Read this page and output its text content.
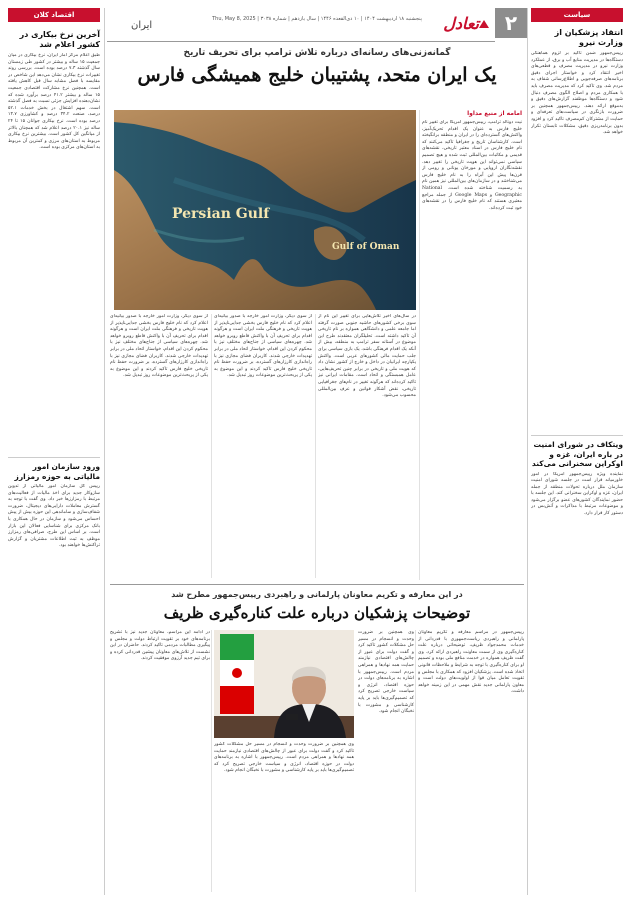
۲
تعادل
ایران
پنجشنبه ۱۸ اردیبهشت ۱۴۰۴ | ۱۰ ذی‌القعده ۱۴۴۶ | سال یازدهم | شماره ۳۰۳۸ | Thu, May 8, 2025	سیاست
انتقاد پزشکیان از وزارت نیرو
رییس‌جمهور ضمن تاکید بر لزوم هماهنگی دستگاه‌ها در مدیریت منابع آب و برق، از عملکرد وزارت نیرو در مدیریت مصرف و قطعی‌های اخیر انتقاد کرد و خواستار اجرای دقیق برنامه‌های صرفه‌جویی و اطلاع‌رسانی شفاف به مردم شد. وی تاکید کرد که مدیریت مصرف باید با همکاری مردم و اصلاح الگوی مصرف دنبال شود و دستگاه‌ها موظفند گزارش‌های دقیق و به‌موقع ارائه دهند. رییس‌جمهور همچنین بر ضرورت بازنگری در سیاست‌های تعرفه‌ای و حمایت از مشترکان کم‌مصرف تاکید کرد و افزود بدون برنامه‌ریزی دقیق، مشکلات تابستان تکرار خواهد شد.
ویتکاف در شورای امنیت در باره ایران، غزه و اوکراین سخنرانی می‌کند
نماینده ویژه رییس‌جمهور امریکا در امور خاورمیانه قرار است در جلسه شورای امنیت سازمان ملل درباره تحولات منطقه از جمله ایران، غزه و اوکراین سخنرانی کند. این جلسه با حضور نمایندگان کشورهای عضو برگزار می‌شود و موضوعات مرتبط با مذاکرات و آتش‌بس در دستور کار قرار دارد.
اقتصاد کلان
آخرین نرخ بیکاری در کشور اعلام شد
طبق اعلام مرکز آمار ایران، نرخ بیکاری در میان جمعیت ۱۵ ساله و بیشتر در کشور طی زمستان سال گذشته ۷.۳ درصد بوده است. بررسی روند تغییرات نرخ بیکاری نشان می‌دهد این شاخص در مقایسه با فصل مشابه سال قبل کاهش یافته است. همچنین نرخ مشارکت اقتصادی جمعیت ۱۵ ساله و بیشتر ۴۱.۲ درصد برآورد شده که نشان‌دهنده افزایش جزئی نسبت به فصل گذشته است. سهم اشتغال در بخش خدمات ۵۲.۱ درصد، صنعت ۳۴.۲ درصد و کشاورزی ۱۳.۷ درصد بوده است. نرخ بیکاری جوانان ۱۵ تا ۲۴ ساله نیز ۲۰.۱ درصد اعلام شد که همچنان بالاتر از میانگین کل کشور است. بیشترین نرخ بیکاری مربوط به استان‌های مرزی و کمترین آن مربوط به استان‌های مرکزی بوده است.
ورود سازمان امور مالیاتی به حوزه رمزارز
رییس کل سازمان امور مالیاتی از تدوین سازوکار جدید برای اخذ مالیات از فعالیت‌های مرتبط با رمزارزها خبر داد. وی گفت با توجه به گسترش معاملات دارایی‌های دیجیتال، ضرورت شفاف‌سازی و ساماندهی این حوزه بیش از پیش احساس می‌شود و سازمان در حال همکاری با بانک مرکزی برای شناسایی فعالان این بازار است. بر اساس این طرح، صرافی‌های رمزارز موظف به ثبت اطلاعات مشتریان و گزارش تراکنش‌ها خواهند بود.
گمانه‌زنی‌های رسانه‌ای درباره تلاش ترامپ برای تحریف تاریخ
یک ایران متحد، پشتیبان خلیج همیشگی فارس
Persian Gulf
Gulf of Oman
امامه از منبع مداوا
نیت دونالد ترامپ، رییس‌جمهور امریکا برای تغییر نام خلیج فارس به عنوان یک اقدام تحریک‌آمیز، واکنش‌های گسترده‌ای را در ایران و منطقه برانگیخته است. کارشناسان تاریخ و جغرافیا تاکید می‌کنند که نام خلیج فارس در اسناد معتبر تاریخی، نقشه‌های قدیمی و مکاتبات بین‌المللی ثبت شده و هیچ تصمیم سیاسی نمی‌تواند این هویت تاریخی را تغییر دهد. نقشه‌نگاران اروپایی و مورخان یونانی و رومی از قرن‌ها پیش این آبراه را به نام خلیج فارس می‌شناختند و در سازمان‌های بین‌المللی نیز همین نام به رسمیت شناخته شده است. National Geographic و Google Maps از جمله مراجع معتبری هستند که نام خلیج فارس را در نقشه‌های خود ثبت کرده‌اند.
در سال‌های اخیر تلاش‌هایی برای تغییر این نام از سوی برخی کشورهای حاشیه جنوبی صورت گرفته اما جامعه علمی و دانشگاهی همواره بر نام تاریخی آن تاکید داشته است. تحلیلگران معتقدند طرح این موضوع در آستانه سفر ترامپ به منطقه، بیش از آنکه یک اقدام فرهنگی باشد، یک بازی سیاسی برای جلب حمایت مالی کشورهای عربی است. واکنش یکپارچه ایرانیان در داخل و خارج از کشور نشان داد که هویت ملی و تاریخی در برابر چنین تحریف‌هایی، عامل همبستگی و اتحاد است. مقامات ایرانی نیز تاکید کرده‌اند که هرگونه تغییر در نام‌های جغرافیایی تاریخی، نقض آشکار قوانین و عرف بین‌المللی محسوب می‌شود.
از سوی دیگر، وزارت امور خارجه با صدور بیانیه‌ای اعلام کرد که نام خلیج فارس بخشی جدایی‌ناپذیر از هویت تاریخی و فرهنگی ملت ایران است و هرگونه اقدام برای تحریف آن با واکنش قاطع روبرو خواهد شد. چهره‌های سیاسی از جناح‌های مختلف نیز با محکوم کردن این اقدام، خواستار اتحاد ملی در برابر تهدیدات خارجی شدند. کاربران فضای مجازی نیز با راه‌اندازی کارزارهای گسترده، بر ضرورت حفظ نام تاریخی خلیج فارس تاکید کردند و این موضوع به یکی از پربحث‌ترین موضوعات روز تبدیل شد.
از سوی دیگر، وزارت امور خارجه با صدور بیانیه‌ای اعلام کرد که نام خلیج فارس بخشی جدایی‌ناپذیر از هویت تاریخی و فرهنگی ملت ایران است و هرگونه اقدام برای تحریف آن با واکنش قاطع روبرو خواهد شد. چهره‌های سیاسی از جناح‌های مختلف نیز با محکوم کردن این اقدام، خواستار اتحاد ملی در برابر تهدیدات خارجی شدند. کاربران فضای مجازی نیز با راه‌اندازی کارزارهای گسترده، بر ضرورت حفظ نام تاریخی خلیج فارس تاکید کردند و این موضوع به یکی از پربحث‌ترین موضوعات روز تبدیل شد.
در این معارفه و تکریم معاونان پارلمانی و راهبردی رییس‌جمهور مطرح شد
توضیحات پزشکیان درباره علت کناره‌گیری ظریف
رییس‌جمهور در مراسم معارفه و تکریم معاونان پارلمانی و راهبردی ریاست‌جمهوری با قدردانی از خدمات محمدجواد ظریف، توضیحاتی درباره علت کناره‌گیری وی از سمت معاونت راهبردی ارائه کرد. وی گفت ظریف همواره در خدمت منافع ملی بوده و تصمیم او برای کناره‌گیری با توجه به شرایط و ملاحظات قانونی اتخاذ شده است. پزشکیان افزود که همکاری با مجلس و تقویت تعامل میان قوا از اولویت‌های دولت است و معاون پارلمانی جدید نقش مهمی در این زمینه خواهد داشت.
وی همچنین بر ضرورت وحدت و انسجام در مسیر حل مشکلات کشور تاکید کرد و گفت دولت برای عبور از چالش‌های اقتصادی نیازمند حمایت همه نهادها و همراهی مردم است. رییس‌جمهور با اشاره به برنامه‌های دولت در حوزه اقتصاد، انرژی و سیاست خارجی تصریح کرد که تصمیم‌گیری‌ها باید بر پایه کارشناسی و مشورت با نخبگان انجام شود.
وی همچنین بر ضرورت وحدت و انسجام در مسیر حل مشکلات کشور تاکید کرد و گفت دولت برای عبور از چالش‌های اقتصادی نیازمند حمایت همه نهادها و همراهی مردم است. رییس‌جمهور با اشاره به برنامه‌های دولت در حوزه اقتصاد، انرژی و سیاست خارجی تصریح کرد که تصمیم‌گیری‌ها باید بر پایه کارشناسی و مشورت با نخبگان انجام شود.
در ادامه این مراسم، معاونان جدید نیز با تشریح برنامه‌های خود بر تقویت ارتباط دولت و مجلس و پیگیری مطالبات مردمی تاکید کردند. حاضران در این نشست از تلاش‌های معاونان پیشین قدردانی کرده و برای تیم جدید آرزوی موفقیت کردند.
